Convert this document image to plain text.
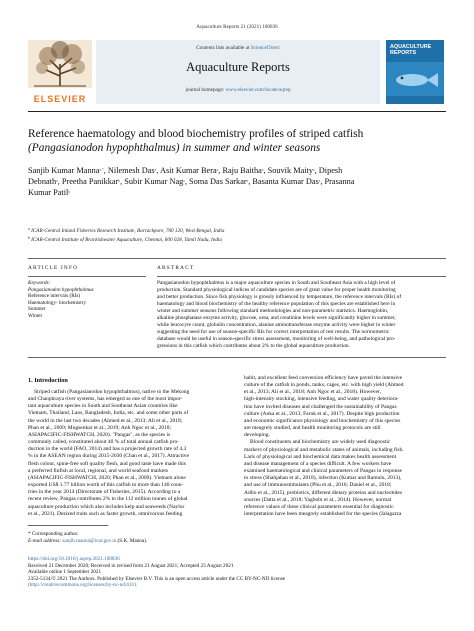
Aquaculture Reports 21 (2021) 100836
ELSEVIER
Contents lists available at ScienceDirect
Aquaculture Reports
journal homepage: www.elsevier.com/locate/aqrep
AQUACULTURE REPORTS
Reference haematology and blood biochemistry profiles of striped catfish
(Pangasianodon hypophthalmus) in summer and winter seasons
Sanjib Kumar Manna$^{a,*}$, Nilemesh Das$^a$, Asit Kumar Bera$^a$, Raju Baitha$^a$, Souvik Maity$^a$, Dipesh Debnath$^a$, Preetha Panikkar$^b$, Subir Kumar Nag$^a$, Soma Das Sarkar$^a$, Basanta Kumar Das$^a$, Prasanna Kumar Patil$^b$
$^a$ ICAR-Central Inland Fisheries Research Institute, Barrackpore, 700 120, West Bengal, India
$^b$ ICAR-Central Institute of Brackishwater Aquaculture, Chennai, 600 028, Tamil Nadu, India
ARTICLE INFO
Keywords:
Pangasianodon hypophthalmus
Reference intervals (RIs)
Haematology- biochemistry
Summer
Winter
ABSTRACT
Pangasianodon hypophthalmus is a major aquaculture species in South and Southeast Asia with a high level of
production. Standard physiological indices of candidate species are of great value for proper health monitoring
and better production. Since fish physiology is grossly influenced by temperature, the reference intervals (RIs) of
haematology and blood biochemistry of the healthy reference population of this species are established here in
winter and summer seasons following standard methodologies and non-parametric statistics. Haemoglobin,
alkaline phosphatase enzyme activity, glucose, urea, and creatinine levels were significantly higher in summer,
while leucocyte count, globulin concentration, alanine aminotransferase enzyme activity were higher in winter
suggesting the need for use of season-specific RIs for correct interpretation of test results. The normometric
database would be useful in season-specific stress assessment, monitoring of well-being, and pathological pro-
gressions in this catfish which contributes about 2% to the global aquaculture production.
1. Introduction
Striped catfish (Pangasianodon hypophthalmus), native to the Mekong
and Chaophraya river systems, has emerged as one of the most impor-
tant aquaculture species in South and Southeast Asian countries like
Vietnam, Thailand, Laos, Bangladesh, India, etc. and some other parts of
the world in the last two decades (Ahmed et al., 2013; Ali et al., 2018;
Phan et al., 2009; Mugsenkar et al., 2019; Anh Ngoc et al., 2018;
ASIAPACIFIC-FISHWATCH, 2020). "Pangas", as the species is
commonly called, constituted about 40 % of total annual catfish pro-
duction in the world (FAO, 2014) and has a projected growth rate of 4.3
% in the ASEAN region during 2015-2030 (Chan et al., 2017). Attractive
flesh colour, spine-free soft quality flesh, and good taste have made this
a preferred finfish at local, regional, and world seafood markets
(ASIAPACIFIC-FISHWATCH, 2020; Phan et al., 2009). Vietnam alone
exported US$ 1.77 billion worth of this catfish to more than 140 coun-
tries in the year 2014 (Directorate of Fisheries, 2015). According to a
recent review, Pangas contributes 2% to the 112 million tonnes of global
aquaculture production which also includes kelp and seaweeds (Naylor
et al., 2021). Dezized traits such as faster growth, omnivorous feeding
habit, and excellent feed conversion efficiency have paved the intensive
culture of the catfish in ponds, tanks, cages, etc. with high yield (Ahmed
et al., 2013; Ali et al., 2018; Anh Ngoc et al., 2018). However,
high-intensity stocking, intensive feeding, and water quality deteriora-
tion have invited diseases and challenged the sustainability of Pangas
culture (Anka et al., 2013; Faruk et al., 2017). Despite high production
and economic significance physiology and biochemistry of this species
are meagrely studied, and health monitoring protocols are still
developing.
Blood constituents and biochemistry are widely used diagnostic
markers of physiological and metabolic states of animals, including fish.
Lack of physiological and biochemical data makes health assessment
and disease management of a species difficult. A few workers have
examined haematological and clinical parameters of Pangas in response
to stress (Shahjahan et al., 2018), infection (Kumar and Ramulu, 2013),
and use of immunostimulants (Phu et al., 2016; Daniel et al., 2018;
Adlio et al., 2015), probiotics, different dietary proteins and nucleotides
sources (Datta et al., 2018; Yagbobi et al., 2014). However, normal
reference values of these clinical parameters essential for diagnostic
interpretation have been meagrely established for the species (Ialagarza
* Corresponding author.
E-mail address: sanjib.manna@icar.gov.in (S.K. Manna).
https://doi.org/10.1016/j.aqrep.2021.100836
Received 21 December 2020; Received in revised form 21 August 2021; Accepted 23 August 2021
Available online 1 September 2021
2352-5134/© 2021 The Authors. Published by Elsevier B.V. This is an open access article under the CC BY-NC-ND license
(http://creativecommons.org/licenses/by-nc-nd/4.0/).
